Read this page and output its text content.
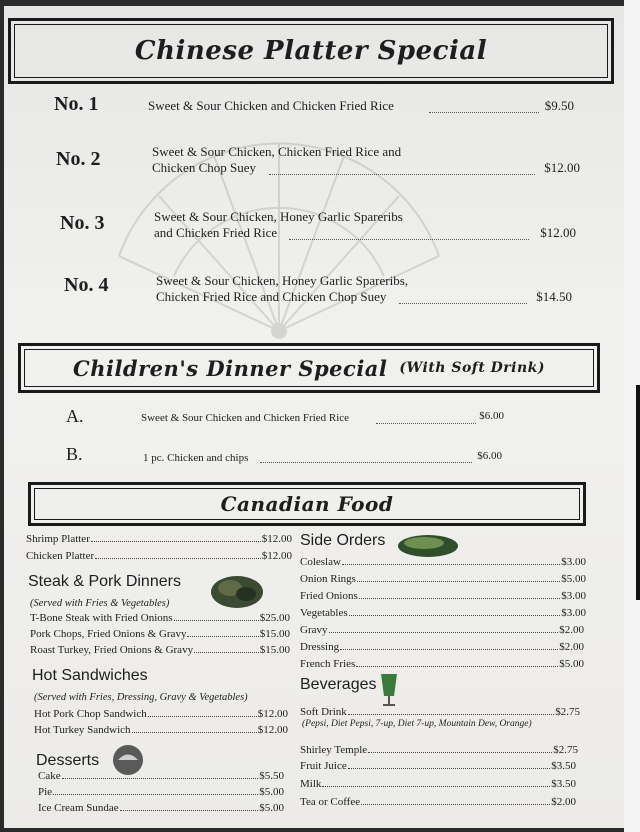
Chinese Platter Special
No. 1	Sweet & Sour Chicken and Chicken Fried Rice	$9.50
No. 2	Sweet & Sour Chicken, Chicken Fried Rice and
Chicken Chop Suey	$12.00
No. 3	Sweet & Sour Chicken, Honey Garlic Spareribs
and Chicken Fried Rice	$12.00
No. 4	Sweet & Sour Chicken, Honey Garlic Spareribs,
Chicken Fried Rice and Chicken Chop Suey	$14.50
Children's Dinner Special (With Soft Drink)
A.	Sweet & Sour Chicken and Chicken Fried Rice	$6.00
B.	1 pc. Chicken and chips	$6.00
Canadian Food
Shrimp Platter	$12.00
Chicken Platter	$12.00
Steak & Pork Dinners
(Served with Fries & Vegetables)
T-Bone Steak with Fried Onions	$25.00
Pork Chops, Fried Onions & Gravy	$15.00
Roast Turkey, Fried Onions & Gravy	$15.00
Hot Sandwiches
(Served with Fries, Dressing, Gravy & Vegetables)
Hot Pork Chop Sandwich	$12.00
Hot Turkey Sandwich	$12.00
Desserts
Cake	$5.50
Pie	$5.00
Ice Cream Sundae	$5.00
Side Orders
Coleslaw	$3.00
Onion Rings	$5.00
Fried Onions	$3.00
Vegetables	$3.00
Gravy	$2.00
Dressing	$2.00
French Fries	$5.00
Beverages
Soft Drink	$2.75
(Pepsi, Diet Pepsi, 7-up, Diet 7-up, Mountain Dew, Orange)
Shirley Temple	$2.75
Fruit Juice	$3.50
Milk	$3.50
Tea or Coffee	$2.00
